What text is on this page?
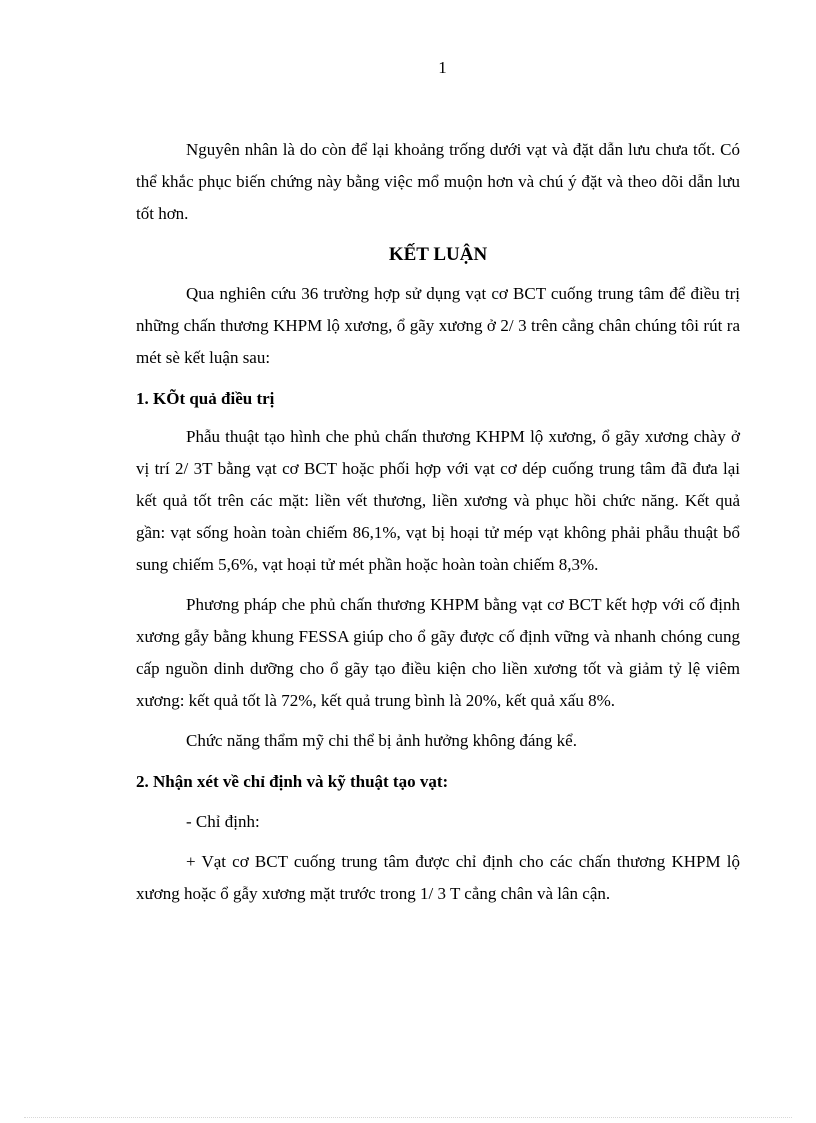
1

Nguyên nhân là do còn để lại khoảng trống dưới vạt và đặt dẫn lưu chưa tốt. Có thể khắc phục biến chứng này bằng việc mổ muộn hơn và chú ý đặt và theo dõi dẫn lưu tốt hơn.

KẾT LUẬN

Qua nghiên cứu 36 trường hợp sử dụng vạt cơ BCT cuống trung tâm để điều trị những chấn thương KHPM lộ xương, ổ gãy xương ở 2/ 3 trên cẳng chân chúng tôi rút ra mét sè kết luận sau:

1. KÕt quả điều trị

Phẫu thuật tạo hình che phủ chấn thương KHPM lộ xương, ổ gãy xương chày ở vị trí 2/ 3T bằng vạt cơ BCT hoặc phối hợp với vạt cơ dép cuống trung tâm đã đưa lại kết quả tốt trên các mặt: liền vết thương, liền xương và phục hồi chức năng. Kết quả gần: vạt sống hoàn toàn chiếm 86,1%, vạt bị hoại tử mép vạt không phải phẫu thuật bổ sung chiếm 5,6%, vạt hoại tử mét phần hoặc hoàn toàn chiếm 8,3%.

Phương pháp che phủ chấn thương KHPM bằng vạt cơ BCT kết hợp với cố định xương gẫy bằng khung FESSA giúp cho ổ gãy được cố định vững và nhanh chóng cung cấp nguồn dinh dưỡng cho ổ gãy tạo điều kiện cho liền xương tốt và giảm tỷ lệ viêm xương: kết quả tốt là 72%, kết quả trung bình là 20%, kết quả xấu 8%.

Chức năng thẩm mỹ chi thể bị ảnh hưởng không đáng kể.

2. Nhận xét về chỉ định và kỹ thuật tạo vạt:
- Chỉ định:

+ Vạt cơ BCT cuống trung tâm được chỉ định cho các chấn thương KHPM lộ xương hoặc ổ gẫy xương mặt trước trong 1/ 3 T cẳng chân và lân cận.
